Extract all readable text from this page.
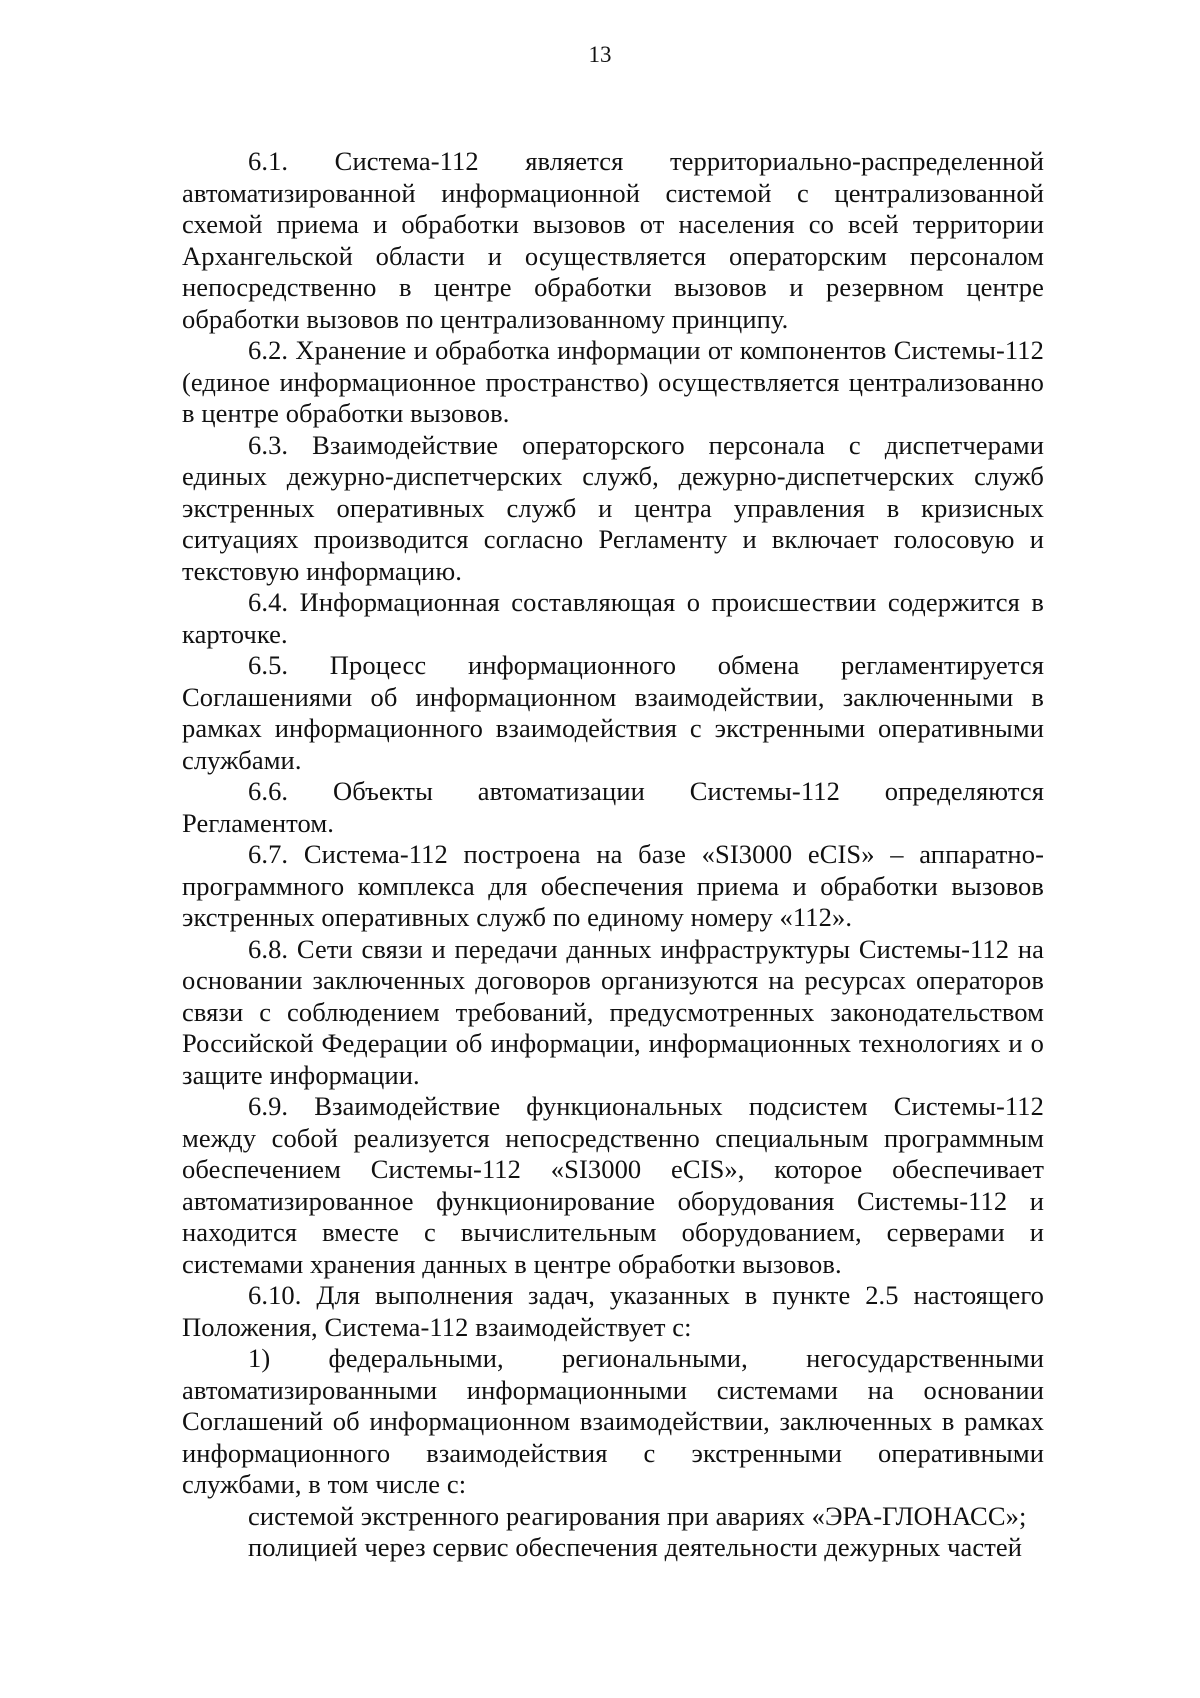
13

6.1. Система-112 является территориально-распределенной автоматизированной информационной системой с централизованной схемой приема и обработки вызовов от населения со всей территории Архангельской области и осуществляется операторским персоналом непосредственно в центре обработки вызовов и резервном центре обработки вызовов по централизованному принципу.

6.2. Хранение и обработка информации от компонентов Системы-112 (единое информационное пространство) осуществляется централизованно в центре обработки вызовов.

6.3. Взаимодействие операторского персонала с диспетчерами единых дежурно-диспетчерских служб, дежурно-диспетчерских служб экстренных оперативных служб и центра управления в кризисных ситуациях производится согласно Регламенту и включает голосовую и текстовую информацию.

6.4. Информационная составляющая о происшествии содержится в карточке.

6.5. Процесс информационного обмена регламентируется Соглашениями об информационном взаимодействии, заключенными в рамках информационного взаимодействия с экстренными оперативными службами.

6.6. Объекты автоматизации Системы-112 определяются Регламентом.

6.7. Система-112 построена на базе «SI3000 eCIS» – аппаратно-программного комплекса для обеспечения приема и обработки вызовов экстренных оперативных служб по единому номеру «112».

6.8. Сети связи и передачи данных инфраструктуры Системы-112 на основании заключенных договоров организуются на ресурсах операторов связи с соблюдением требований, предусмотренных законодательством Российской Федерации об информации, информационных технологиях и о защите информации.

6.9. Взаимодействие функциональных подсистем Системы-112 между собой реализуется непосредственно специальным программным обеспечением Системы-112 «SI3000 eCIS», которое обеспечивает автоматизированное функционирование оборудования Системы-112 и находится вместе с вычислительным оборудованием, серверами и системами хранения данных в центре обработки вызовов.

6.10. Для выполнения задач, указанных в пункте 2.5 настоящего Положения, Система-112 взаимодействует с:

1) федеральными, региональными, негосударственными автоматизированными информационными системами на основании Соглашений об информационном взаимодействии, заключенных в рамках информационного взаимодействия с экстренными оперативными службами, в том числе с:

системой экстренного реагирования при авариях «ЭРА-ГЛОНАСС»;

полицией через сервис обеспечения деятельности дежурных частей
